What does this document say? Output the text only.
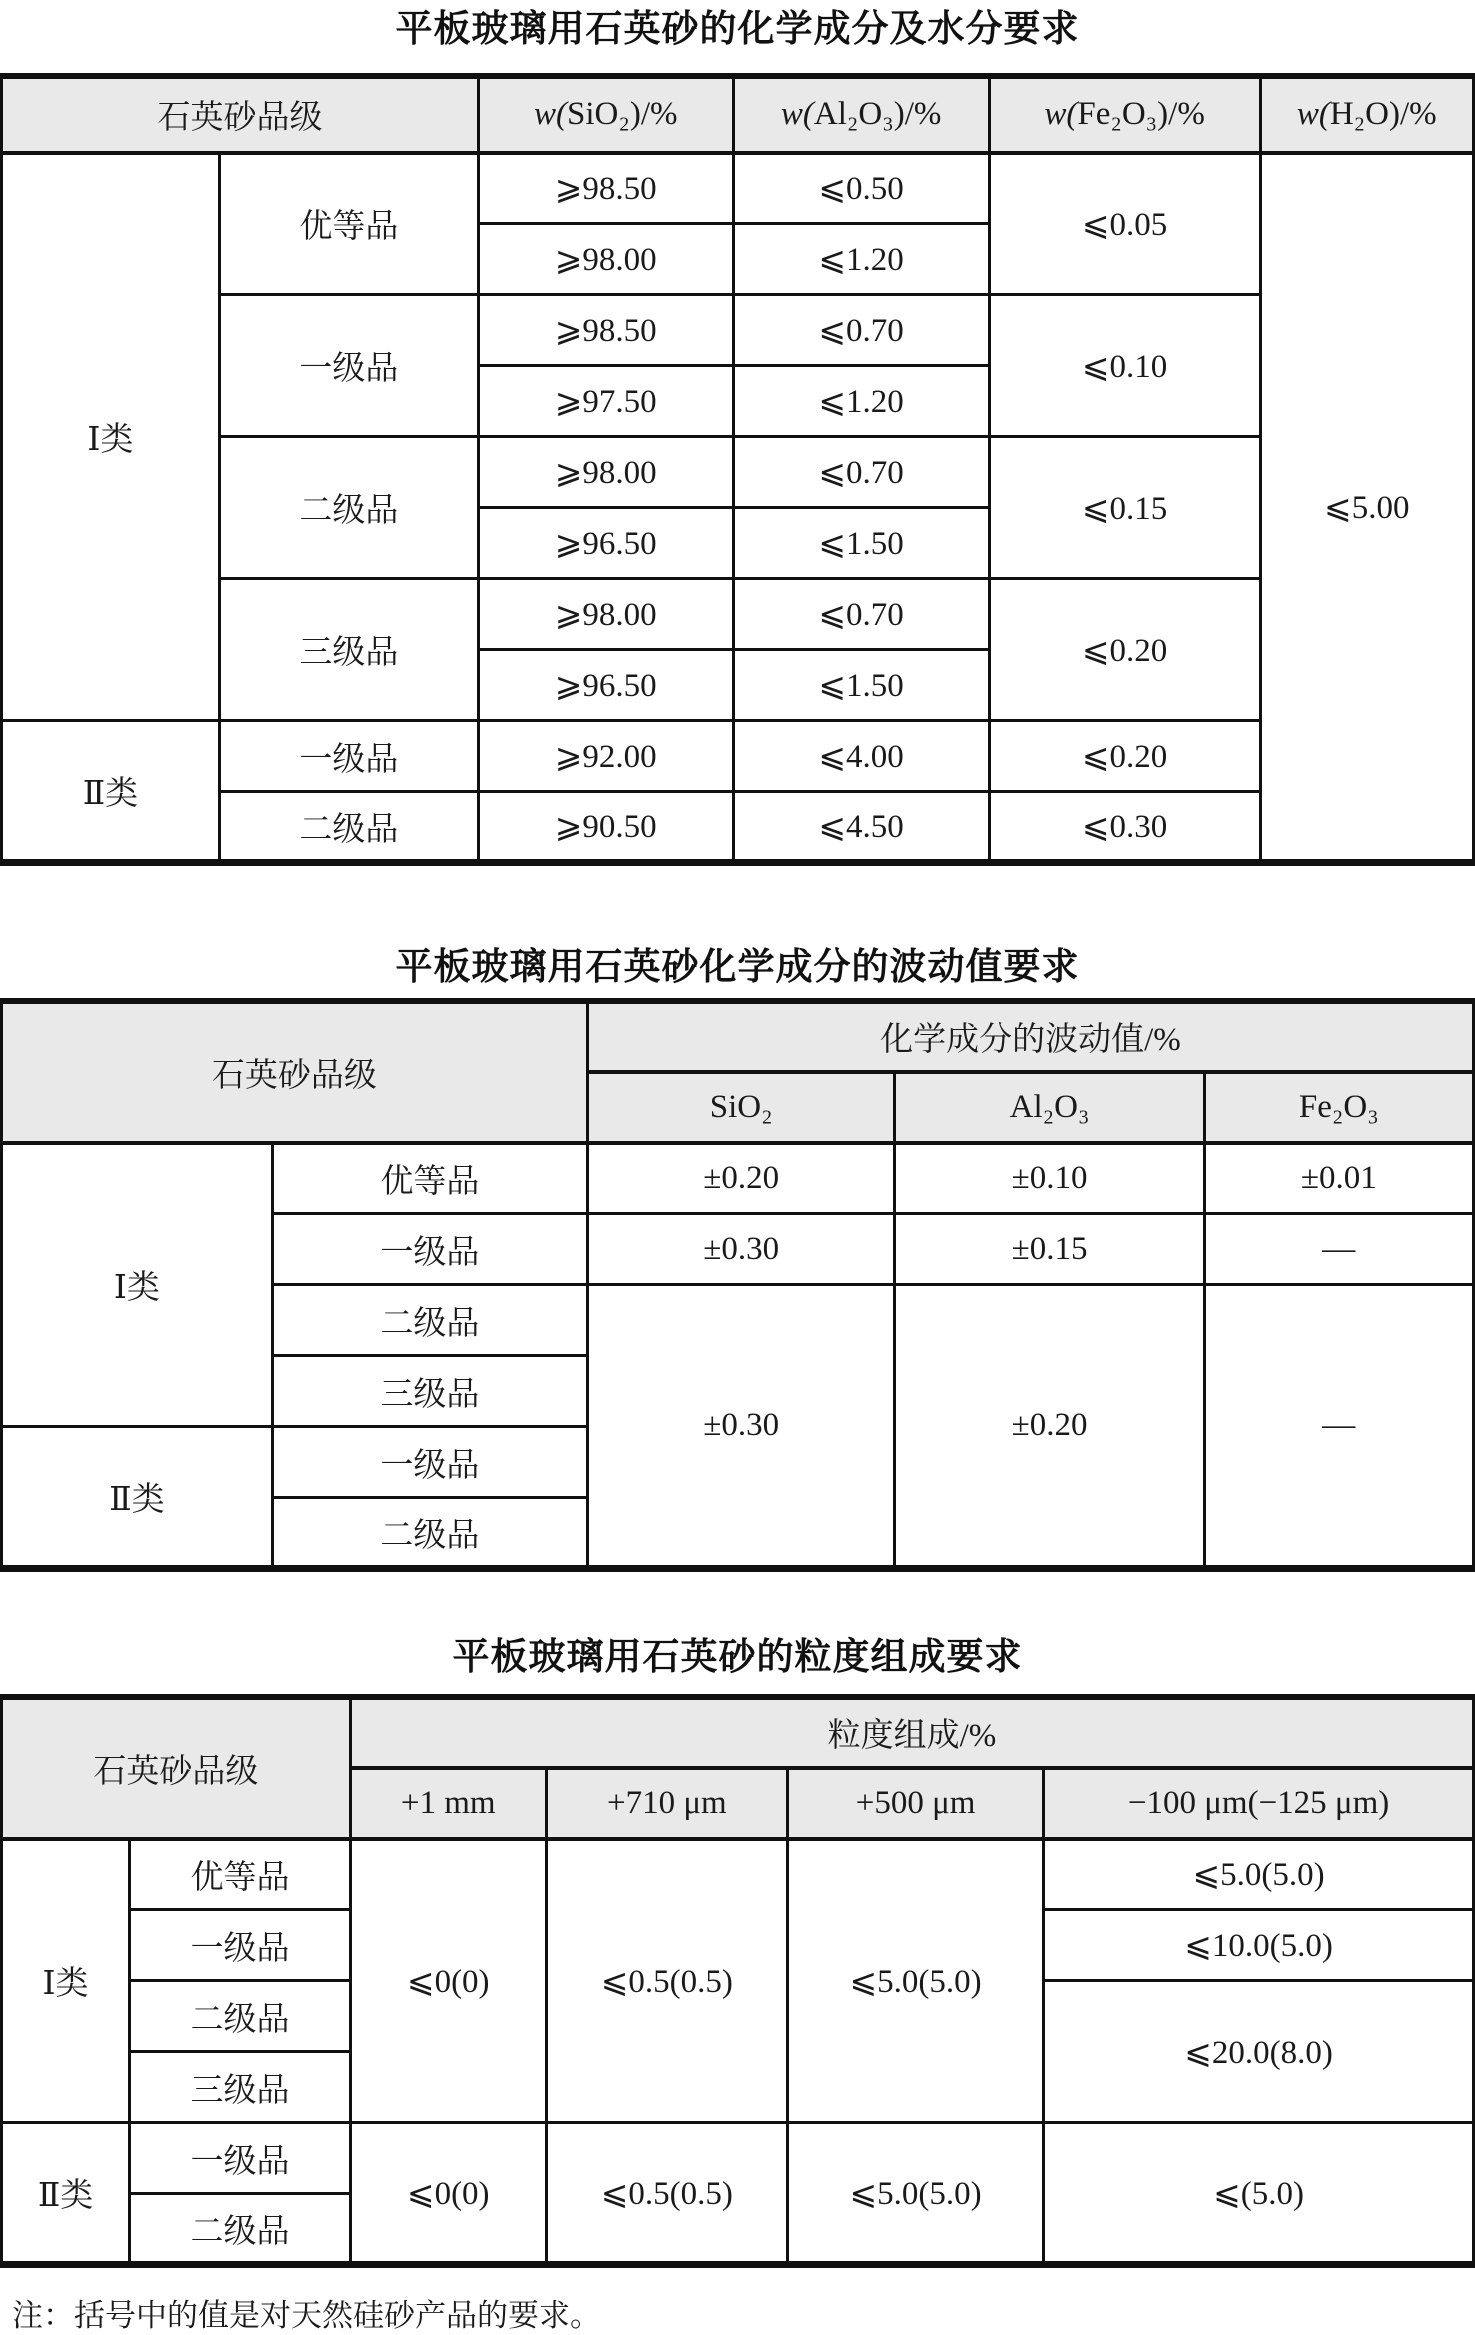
平板玻璃用石英砂的化学成分及水分要求
石英砂品级		w(SiO₂)/%	w(Al₂O₃)/%	w(Fe₂O₃)/%	w(H₂O)/%
Ⅰ类	优等品	⩾98.50	⩽0.50	⩽0.05	⩽5.00
		⩾98.00	⩽1.20		
	一级品	⩾98.50	⩽0.70	⩽0.10	
		⩾97.50	⩽1.20		
	二级品	⩾98.00	⩽0.70	⩽0.15	
		⩾96.50	⩽1.50		
	三级品	⩾98.00	⩽0.70	⩽0.20	
		⩾96.50	⩽1.50		
Ⅱ类	一级品	⩾92.00	⩽4.00	⩽0.20	
	二级品	⩾90.50	⩽4.50	⩽0.30	
平板玻璃用石英砂化学成分的波动值要求
石英砂品级		化学成分的波动值/%		
		SiO₂	Al₂O₃	Fe₂O₃
Ⅰ类	优等品	±0.20	±0.10	±0.01
	一级品	±0.30	±0.15	—
	二级品	±0.30	±0.20	—
	三级品			
Ⅱ类	一级品			
	二级品			
平板玻璃用石英砂的粒度组成要求
石英砂品级		粒度组成/%			
		+1 mm	+710 μm	+500 μm	−100 μm(−125 μm)
Ⅰ类	优等品	⩽0(0)	⩽0.5(0.5)	⩽5.0(5.0)	⩽5.0(5.0)
	一级品				⩽10.0(5.0)
	二级品				⩽20.0(8.0)
	三级品				
Ⅱ类	一级品	⩽0(0)	⩽0.5(0.5)	⩽5.0(5.0)	⩽(5.0)
	二级品				

注：括号中的值是对天然硅砂产品的要求。
